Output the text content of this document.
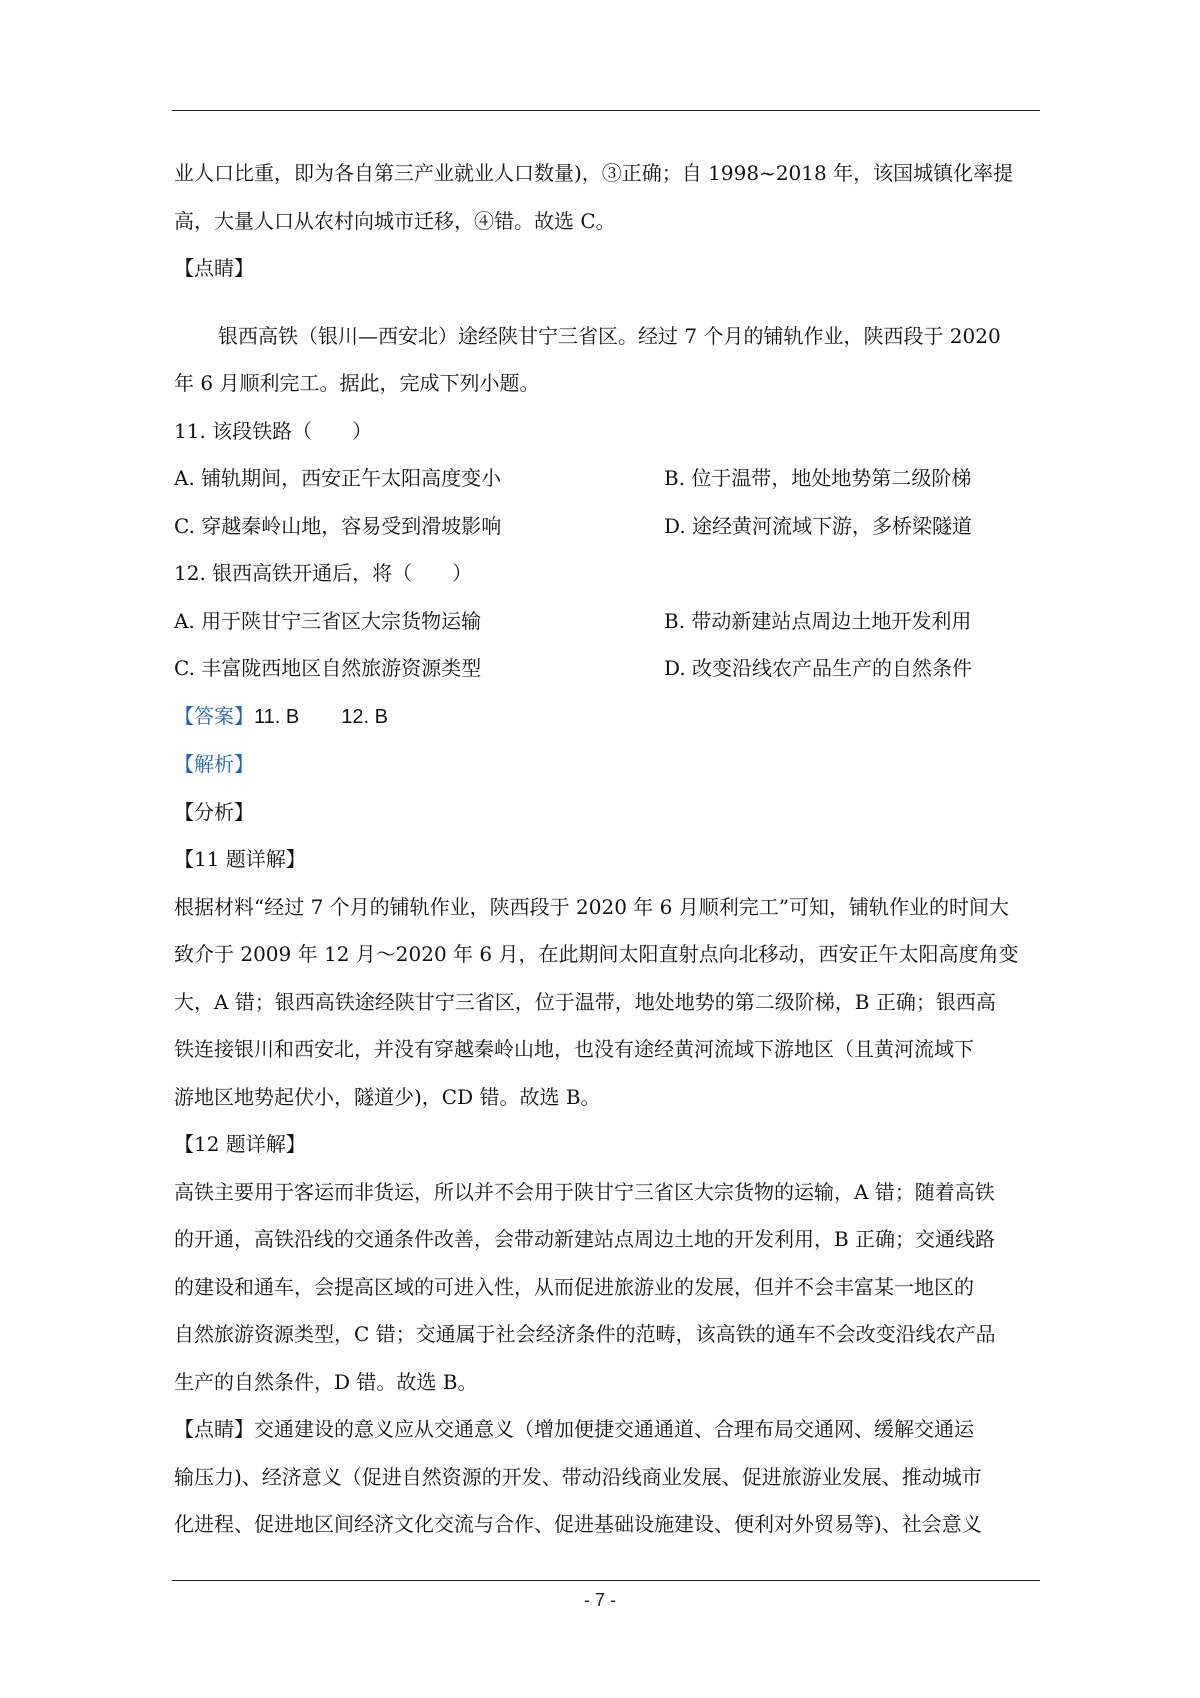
业人口比重，即为各自第三产业就业人口数量)，③正确；自 1998~2018 年，该国城镇化率提

高，大量人口从农村向城市迁移，④错。故选 C。

【点睛】

银西高铁（银川—西安北）途经陕甘宁三省区。经过 7 个月的铺轨作业，陕西段于 2020

年 6 月顺利完工。据此，完成下列小题。

11. 该段铁路（　　）

A. 铺轨期间，西安正午太阳高度变小	B. 位于温带，地处地势第二级阶梯
C. 穿越秦岭山地，容易受到滑坡影响	D. 途经黄河流域下游，多桥梁隧道

12. 银西高铁开通后，将（　　）

A. 用于陕甘宁三省区大宗货物运输	B. 带动新建站点周边土地开发利用
C. 丰富陇西地区自然旅游资源类型	D. 改变沿线农产品生产的自然条件

【答案】11. B 12. B

【解析】

【分析】

【11 题详解】

根据材料“经过 7 个月的铺轨作业，陕西段于 2020 年 6 月顺利完工”可知，铺轨作业的时间大

致介于 2009 年 12 月～2020 年 6 月，在此期间太阳直射点向北移动，西安正午太阳高度角变

大，A 错；银西高铁途经陕甘宁三省区，位于温带，地处地势的第二级阶梯，B 正确；银西高

铁连接银川和西安北，并没有穿越秦岭山地，也没有途经黄河流域下游地区（且黄河流域下

游地区地势起伏小，隧道少)，CD 错。故选 B。

【12 题详解】

高铁主要用于客运而非货运，所以并不会用于陕甘宁三省区大宗货物的运输，A 错；随着高铁

的开通，高铁沿线的交通条件改善，会带动新建站点周边土地的开发利用，B 正确；交通线路

的建设和通车，会提高区域的可进入性，从而促进旅游业的发展，但并不会丰富某一地区的

自然旅游资源类型，C 错；交通属于社会经济条件的范畴，该高铁的通车不会改变沿线农产品

生产的自然条件，D 错。故选 B。

【点睛】交通建设的意义应从交通意义（增加便捷交通通道、合理布局交通网、缓解交通运

输压力)、经济意义（促进自然资源的开发、带动沿线商业发展、促进旅游业发展、推动城市

化进程、促进地区间经济文化交流与合作、促进基础设施建设、便利对外贸易等)、社会意义

- 7 -
